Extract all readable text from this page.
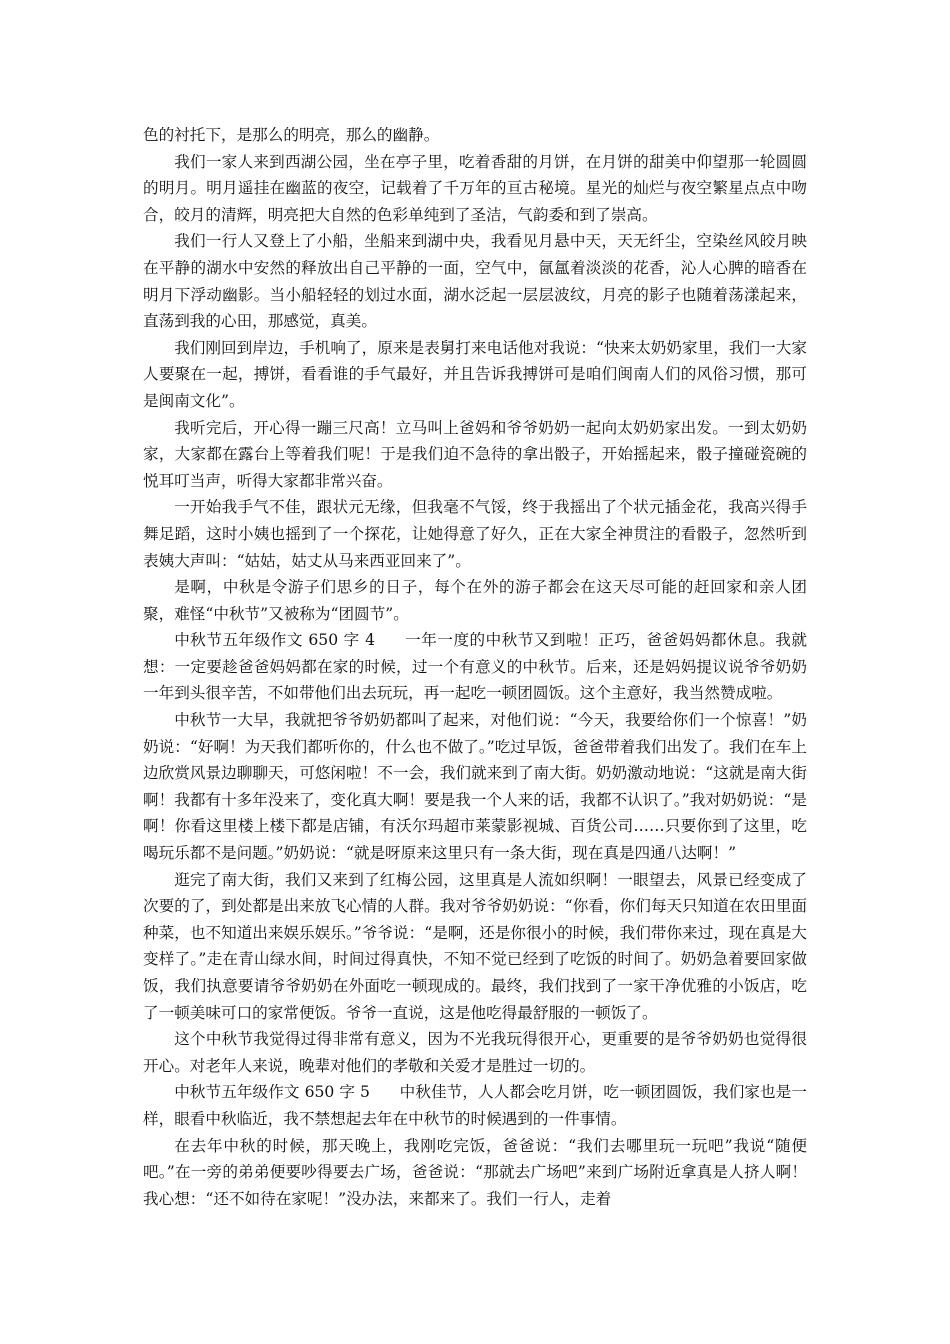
色的衬托下，是那么的明亮，那么的幽静。

我们一家人来到西湖公园，坐在亭子里，吃着香甜的月饼，在月饼的甜美中仰望那一轮圆圆的明月。明月遥挂在幽蓝的夜空，记载着了千万年的亘古秘境。星光的灿烂与夜空繁星点点中吻合，皎月的清辉，明亮把大自然的色彩单纯到了圣洁，气韵委和到了崇高。

我们一行人又登上了小船，坐船来到湖中央，我看见月悬中天，天无纤尘，空染丝风皎月映在平静的湖水中安然的释放出自己平静的一面，空气中，氤氲着淡淡的花香，沁人心脾的暗香在明月下浮动幽影。当小船轻轻的划过水面，湖水泛起一层层波纹，月亮的影子也随着荡漾起来，直荡到我的心田，那感觉，真美。

我们刚回到岸边，手机响了，原来是表舅打来电话他对我说：“快来太奶奶家里，我们一大家人要聚在一起，搏饼，看看谁的手气最好，并且告诉我搏饼可是咱们闽南人们的风俗习惯，那可是闽南文化”。

我听完后，开心得一蹦三尺高！立马叫上爸妈和爷爷奶奶一起向太奶奶家出发。一到太奶奶家，大家都在露台上等着我们呢！于是我们迫不急待的拿出骰子，开始摇起来，骰子撞碰瓷碗的悦耳叮当声，听得大家都非常兴奋。

一开始我手气不佳，跟状元无缘，但我毫不气馁，终于我摇出了个状元插金花，我高兴得手舞足蹈，这时小姨也摇到了一个探花，让她得意了好久，正在大家全神贯注的看骰子，忽然听到表姨大声叫：“姑姑，姑丈从马来西亚回来了”。

是啊，中秋是令游子们思乡的日子，每个在外的游子都会在这天尽可能的赶回家和亲人团聚，难怪“中秋节”又被称为“团圆节”。

中秋节五年级作文 650 字 4 一年一度的中秋节又到啦！正巧，爸爸妈妈都休息。我就想：一定要趁爸爸妈妈都在家的时候，过一个有意义的中秋节。后来，还是妈妈提议说爷爷奶奶一年到头很辛苦，不如带他们出去玩玩，再一起吃一顿团圆饭。这个主意好，我当然赞成啦。

中秋节一大早，我就把爷爷奶奶都叫了起来，对他们说：“今天，我要给你们一个惊喜！”奶奶说：“好啊！为天我们都听你的，什么也不做了。”吃过早饭，爸爸带着我们出发了。我们在车上边欣赏风景边聊聊天，可悠闲啦！不一会，我们就来到了南大街。奶奶激动地说：“这就是南大街啊！我都有十多年没来了，变化真大啊！要是我一个人来的话，我都不认识了。”我对奶奶说：“是啊！你看这里楼上楼下都是店铺，有沃尔玛超市莱蒙影视城、百货公司……只要你到了这里，吃喝玩乐都不是问题。”奶奶说：“就是呀原来这里只有一条大街，现在真是四通八达啊！”

逛完了南大街，我们又来到了红梅公园，这里真是人流如织啊！一眼望去，风景已经变成了次要的了，到处都是出来放飞心情的人群。我对爷爷奶奶说：“你看，你们每天只知道在农田里面种菜，也不知道出来娱乐娱乐。”爷爷说：“是啊，还是你很小的时候，我们带你来过，现在真是大变样了。”走在青山绿水间，时间过得真快，不知不觉已经到了吃饭的时间了。奶奶急着要回家做饭，我们执意要请爷爷奶奶在外面吃一顿现成的。最终，我们找到了一家干净优雅的小饭店，吃了一顿美味可口的家常便饭。爷爷一直说，这是他吃得最舒服的一顿饭了。

这个中秋节我觉得过得非常有意义，因为不光我玩得很开心，更重要的是爷爷奶奶也觉得很开心。对老年人来说，晚辈对他们的孝敬和关爱才是胜过一切的。

中秋节五年级作文 650 字 5 中秋佳节，人人都会吃月饼，吃一顿团圆饭，我们家也是一样，眼看中秋临近，我不禁想起去年在中秋节的时候遇到的一件事情。

在去年中秋的时候，那天晚上，我刚吃完饭，爸爸说：“我们去哪里玩一玩吧”我说“随便吧。”在一旁的弟弟便要吵得要去广场，爸爸说：“那就去广场吧”来到广场附近拿真是人挤人啊！我心想：“还不如待在家呢！”没办法，来都来了。我们一行人，走着
